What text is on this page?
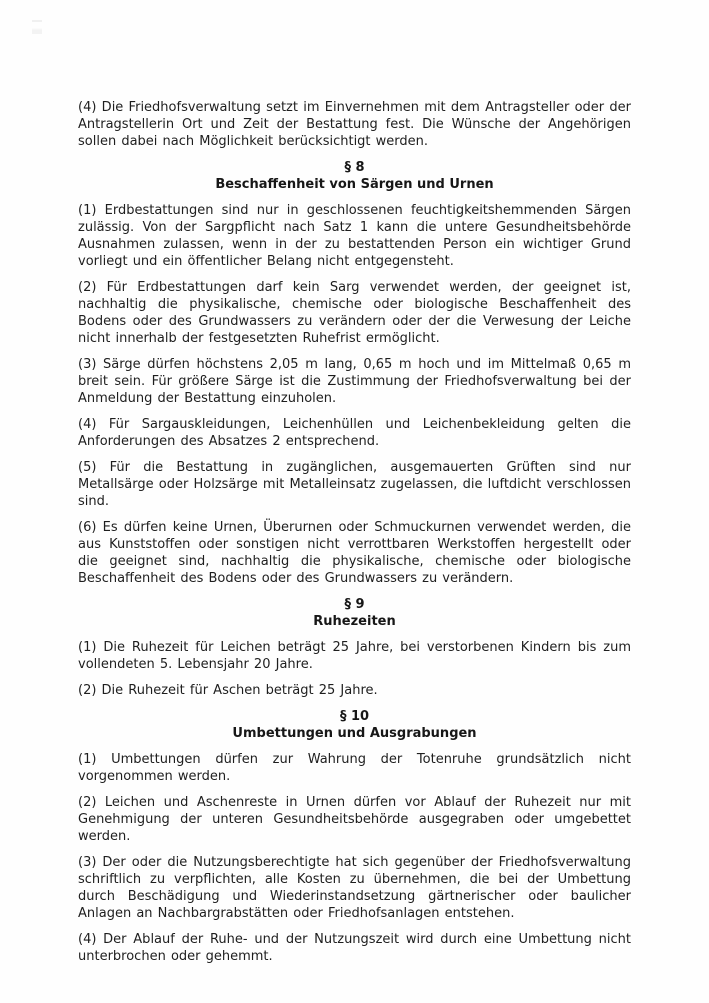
(4) Die Friedhofsverwaltung setzt im Einvernehmen mit dem Antragsteller oder der Antragstellerin Ort und Zeit der Bestattung fest. Die Wünsche der Angehörigen sollen dabei nach Möglichkeit berücksichtigt werden.

§ 8
Beschaffenheit von Särgen und Urnen

(1) Erdbestattungen sind nur in geschlossenen feuchtigkeitshemmenden Särgen zulässig. Von der Sargpflicht nach Satz 1 kann die untere Gesundheitsbehörde Ausnahmen zulassen, wenn in der zu bestattenden Person ein wichtiger Grund vorliegt und ein öffentlicher Belang nicht entgegensteht.

(2) Für Erdbestattungen darf kein Sarg verwendet werden, der geeignet ist, nachhaltig die physikalische, chemische oder biologische Beschaffenheit des Bodens oder des Grundwassers zu verändern oder der die Verwesung der Leiche nicht innerhalb der festgesetzten Ruhefrist ermöglicht.

(3) Särge dürfen höchstens 2,05 m lang, 0,65 m hoch und im Mittelmaß 0,65 m breit sein. Für größere Särge ist die Zustimmung der Friedhofsverwaltung bei der Anmeldung der Bestattung einzuholen.

(4) Für Sargauskleidungen, Leichenhüllen und Leichenbekleidung gelten die Anforderungen des Absatzes 2 entsprechend.

(5) Für die Bestattung in zugänglichen, ausgemauerten Grüften sind nur Metallsärge oder Holzsärge mit Metalleinsatz zugelassen, die luftdicht verschlossen sind.

(6) Es dürfen keine Urnen, Überurnen oder Schmuckurnen verwendet werden, die aus Kunststoffen oder sonstigen nicht verrottbaren Werkstoffen hergestellt oder die geeignet sind, nachhaltig die physikalische, chemische oder biologische Beschaffenheit des Bodens oder des Grundwassers zu verändern.

§ 9
Ruhezeiten

(1) Die Ruhezeit für Leichen beträgt 25 Jahre, bei verstorbenen Kindern bis zum vollendeten 5. Lebensjahr 20 Jahre.

(2) Die Ruhezeit für Aschen beträgt 25 Jahre.

§ 10
Umbettungen und Ausgrabungen

(1) Umbettungen dürfen zur Wahrung der Totenruhe grundsätzlich nicht vorgenommen werden.

(2) Leichen und Aschenreste in Urnen dürfen vor Ablauf der Ruhezeit nur mit Genehmigung der unteren Gesundheitsbehörde ausgegraben oder umgebettet werden.

(3) Der oder die Nutzungsberechtigte hat sich gegenüber der Friedhofsverwaltung schriftlich zu verpflichten, alle Kosten zu übernehmen, die bei der Umbettung durch Beschädigung und Wiederinstandsetzung gärtnerischer oder baulicher Anlagen an Nachbargrabstätten oder Friedhofsanlagen entstehen.

(4) Der Ablauf der Ruhe- und der Nutzungszeit wird durch eine Umbettung nicht unterbrochen oder gehemmt.
